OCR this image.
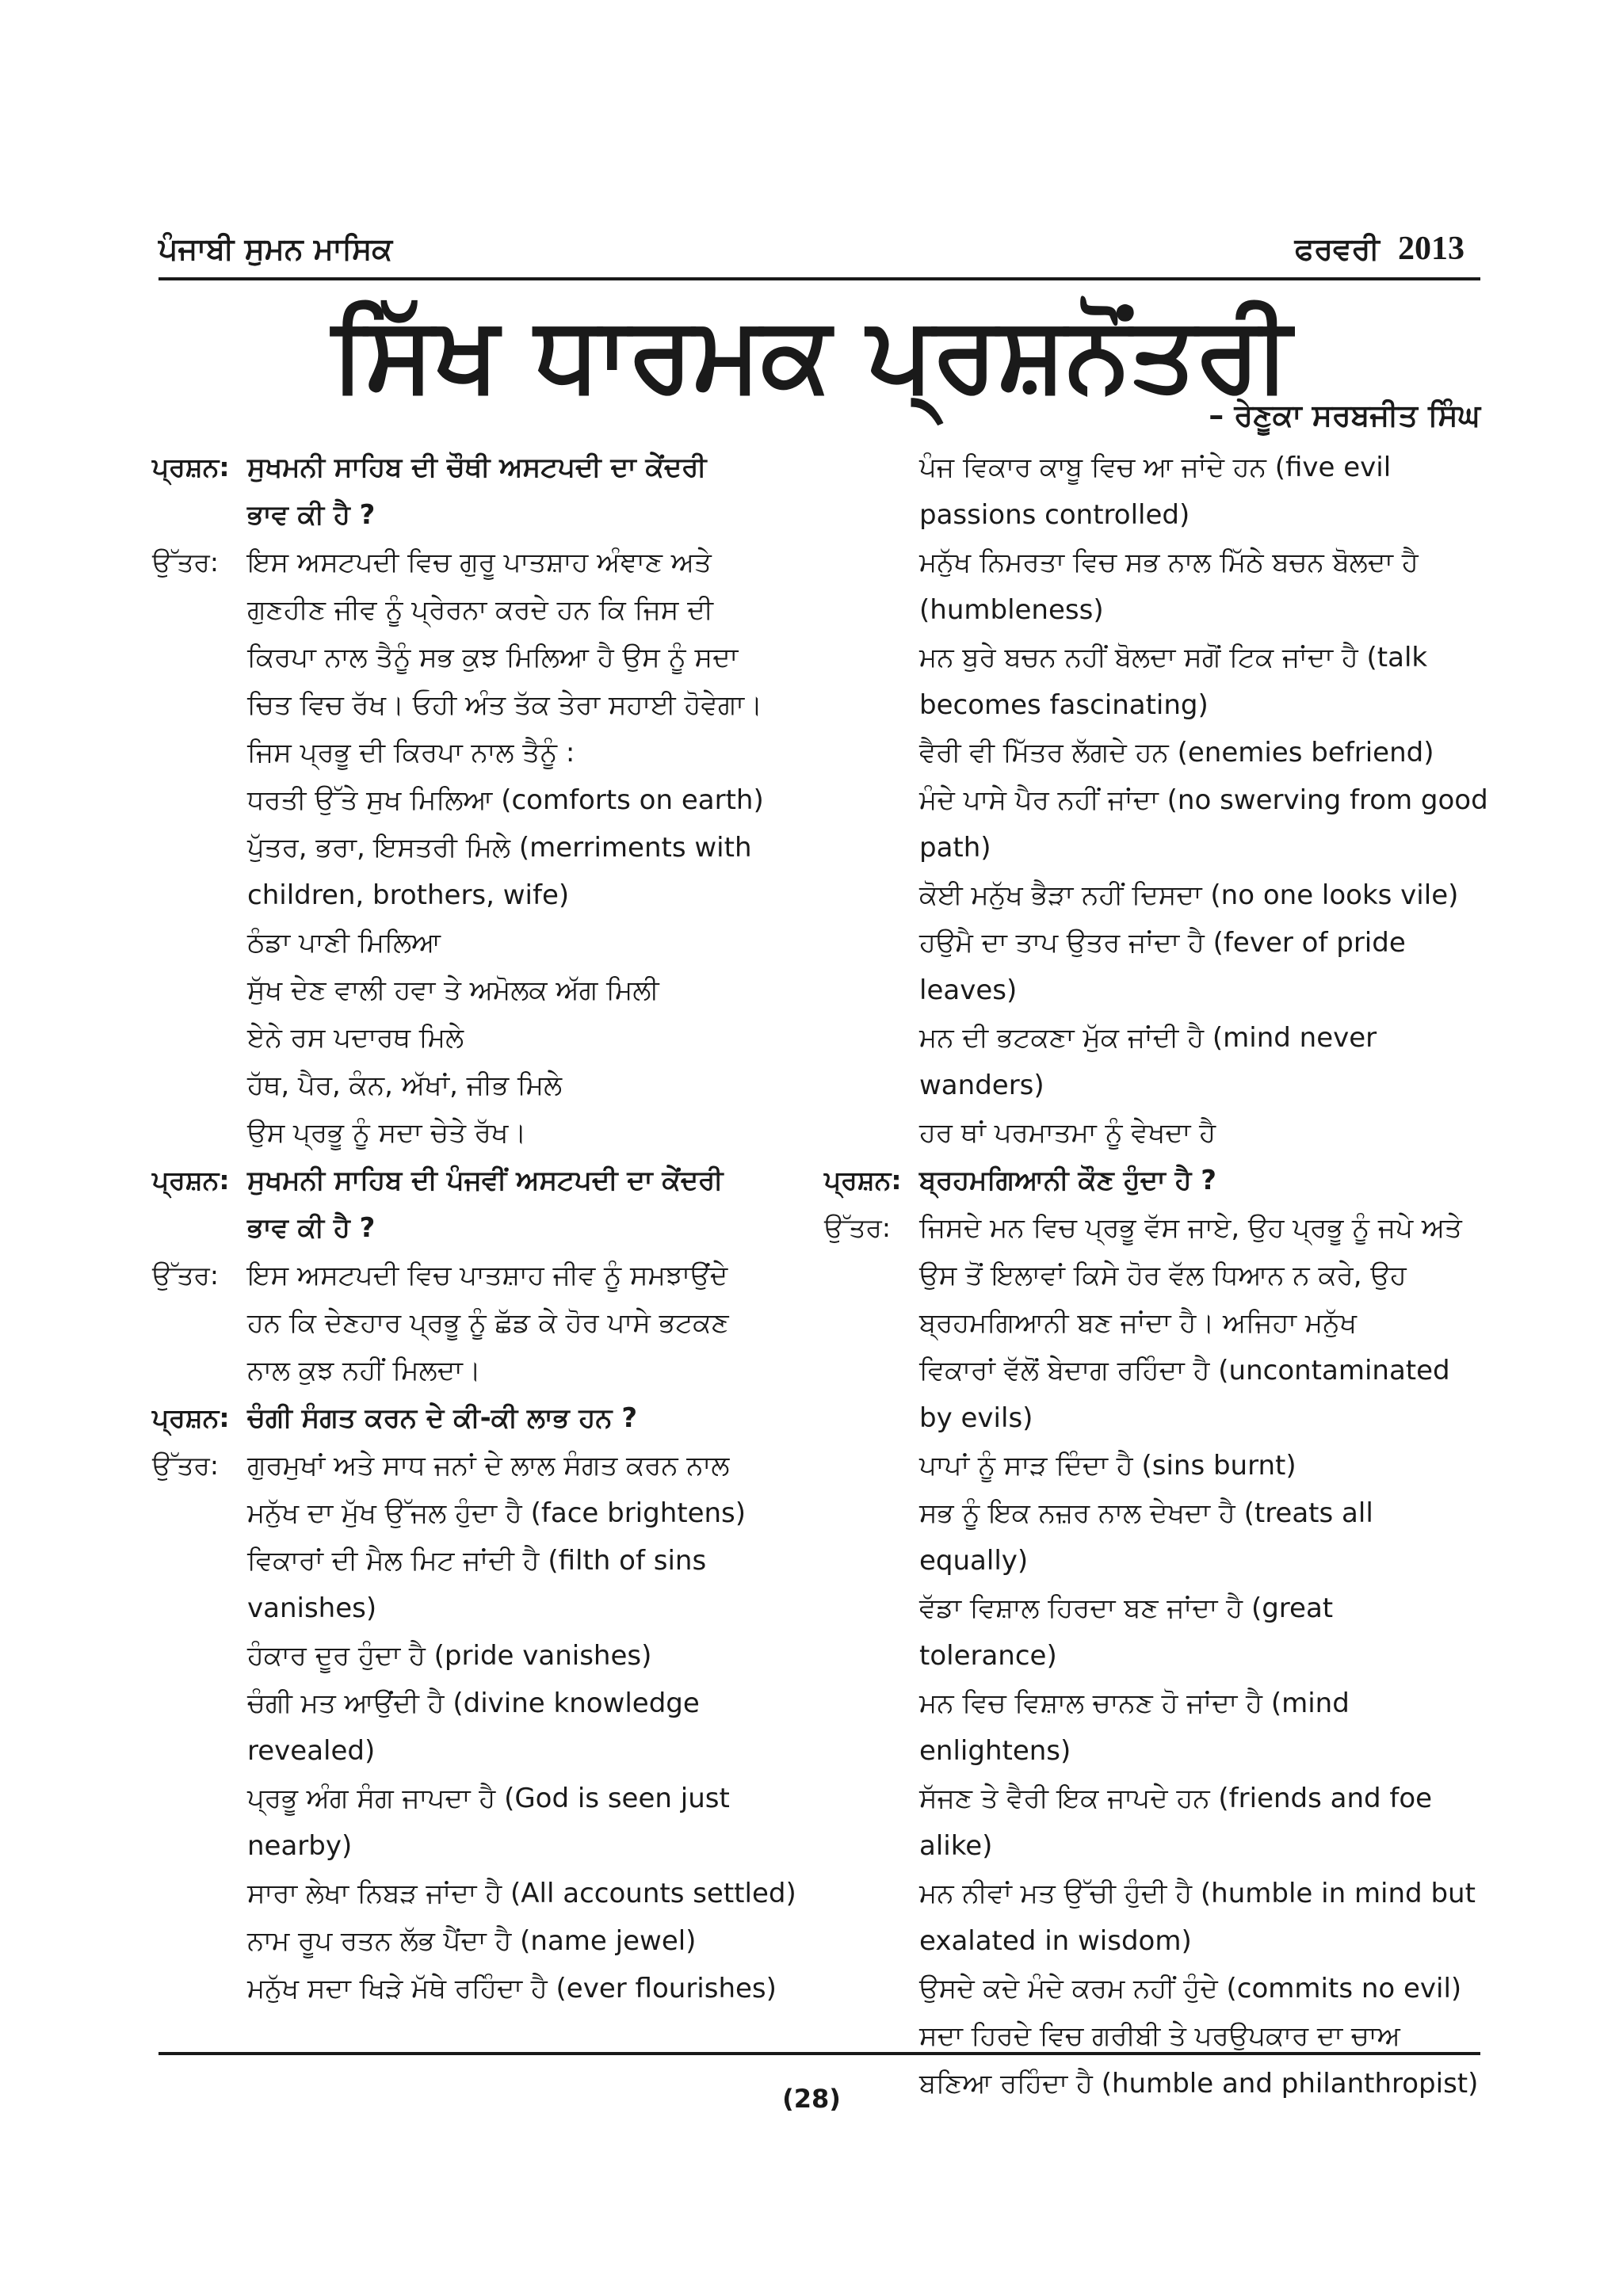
ਪੰਜਾਬੀ ਸੁਮਨ ਮਾਸਿਕ	ਫਰਵਰੀ 2013
ਸਿੱਖ ਧਾਰਮਕ ਪ੍ਰਸ਼ਨੋਂਤਰੀ
– ਰੇਣੂਕਾ ਸਰਬਜੀਤ ਸਿੰਘ
ਪ੍ਰਸ਼ਨ: ਸੁਖਮਨੀ ਸਾਹਿਬ ਦੀ ਚੌਥੀ ਅਸਟਪਦੀ ਦਾ ਕੇਂਦਰੀ
ਭਾਵ ਕੀ ਹੈ ?
ਉੱਤਰ:	ਇਸ ਅਸਟਪਦੀ ਵਿਚ ਗੁਰੂ ਪਾਤਸ਼ਾਹ ਅੰਞਾਣ ਅਤੇ
ਗੁਣਹੀਣ ਜੀਵ ਨੂੰ ਪ੍ਰੇਰਨਾ ਕਰਦੇ ਹਨ ਕਿ ਜਿਸ ਦੀ
ਕਿਰਪਾ ਨਾਲ ਤੈਨੂੰ ਸਭ ਕੁਝ ਮਿਲਿਆ ਹੈ ਉਸ ਨੂੰ ਸਦਾ
ਚਿਤ ਵਿਚ ਰੱਖ। ਓਹੀ ਅੰਤ ਤੱਕ ਤੇਰਾ ਸਹਾਈ ਹੋਵੇਗਾ।
ਜਿਸ ਪ੍ਰਭੂ ਦੀ ਕਿਰਪਾ ਨਾਲ ਤੈਨੂੰ :
ਧਰਤੀ ਉੱਤੇ ਸੁਖ ਮਿਲਿਆ (comforts on earth)
ਪੁੱਤਰ, ਭਰਾ, ਇਸਤਰੀ ਮਿਲੇ (merriments with
children, brothers, wife)
ਠੰਡਾ ਪਾਣੀ ਮਿਲਿਆ
ਸੁੱਖ ਦੇਣ ਵਾਲੀ ਹਵਾ ਤੇ ਅਮੋਲਕ ਅੱਗ ਮਿਲੀ
ਏਨੇ ਰਸ ਪਦਾਰਥ ਮਿਲੇ
ਹੱਥ, ਪੈਰ, ਕੰਨ, ਅੱਖਾਂ, ਜੀਭ ਮਿਲੇ
ਉਸ ਪ੍ਰਭੂ ਨੂੰ ਸਦਾ ਚੇਤੇ ਰੱਖ।
ਪ੍ਰਸ਼ਨ: ਸੁਖਮਨੀ ਸਾਹਿਬ ਦੀ ਪੰਜਵੀਂ ਅਸਟਪਦੀ ਦਾ ਕੇਂਦਰੀ
ਭਾਵ ਕੀ ਹੈ ?
ਉੱਤਰ:	ਇਸ ਅਸਟਪਦੀ ਵਿਚ ਪਾਤਸ਼ਾਹ ਜੀਵ ਨੂੰ ਸਮਝਾਉਂਦੇ
ਹਨ ਕਿ ਦੇਣਹਾਰ ਪ੍ਰਭੂ ਨੂੰ ਛੱਡ ਕੇ ਹੋਰ ਪਾਸੇ ਭਟਕਣ
ਨਾਲ ਕੁਝ ਨਹੀਂ ਮਿਲਦਾ।
ਪ੍ਰਸ਼ਨ: ਚੰਗੀ ਸੰਗਤ ਕਰਨ ਦੇ ਕੀ-ਕੀ ਲਾਭ ਹਨ ?
ਉੱਤਰ:	ਗੁਰਮੁਖਾਂ ਅਤੇ ਸਾਧ ਜਨਾਂ ਦੇ ਲਾਲ ਸੰਗਤ ਕਰਨ ਨਾਲ
ਮਨੁੱਖ ਦਾ ਮੁੱਖ ਉੱਜਲ ਹੁੰਦਾ ਹੈ (face brightens)
ਵਿਕਾਰਾਂ ਦੀ ਮੈਲ ਮਿਟ ਜਾਂਦੀ ਹੈ (filth of sins
vanishes)
ਹੰਕਾਰ ਦੂਰ ਹੁੰਦਾ ਹੈ (pride vanishes)
ਚੰਗੀ ਮਤ ਆਉਂਦੀ ਹੈ (divine knowledge
revealed)
ਪ੍ਰਭੂ ਅੰਗ ਸੰਗ ਜਾਪਦਾ ਹੈ (God is seen just
nearby)
ਸਾਰਾ ਲੇਖਾ ਨਿਬੜ ਜਾਂਦਾ ਹੈ (All accounts settled)
ਨਾਮ ਰੂਪ ਰਤਨ ਲੱਭ ਪੈਂਦਾ ਹੈ (name jewel)
ਮਨੁੱਖ ਸਦਾ ਖਿੜੇ ਮੱਥੇ ਰਹਿੰਦਾ ਹੈ (ever flourishes)
ਪੰਜ ਵਿਕਾਰ ਕਾਬੂ ਵਿਚ ਆ ਜਾਂਦੇ ਹਨ (five evil
passions controlled)
ਮਨੁੱਖ ਨਿਮਰਤਾ ਵਿਚ ਸਭ ਨਾਲ ਮਿੱਠੇ ਬਚਨ ਬੋਲਦਾ ਹੈ
(humbleness)
ਮਨ ਬੁਰੇ ਬਚਨ ਨਹੀਂ ਬੋਲਦਾ ਸਗੋਂ ਟਿਕ ਜਾਂਦਾ ਹੈ (talk
becomes fascinating)
ਵੈਰੀ ਵੀ ਮਿੱਤਰ ਲੱਗਦੇ ਹਨ (enemies befriend)
ਮੰਦੇ ਪਾਸੇ ਪੈਰ ਨਹੀਂ ਜਾਂਦਾ (no swerving from good
path)
ਕੋਈ ਮਨੁੱਖ ਭੈੜਾ ਨਹੀਂ ਦਿਸਦਾ (no one looks vile)
ਹਉਮੈ ਦਾ ਤਾਪ ਉਤਰ ਜਾਂਦਾ ਹੈ (fever of pride
leaves)
ਮਨ ਦੀ ਭਟਕਣਾ ਮੁੱਕ ਜਾਂਦੀ ਹੈ (mind never
wanders)
ਹਰ ਥਾਂ ਪਰਮਾਤਮਾ ਨੂੰ ਵੇਖਦਾ ਹੈ
ਪ੍ਰਸ਼ਨ: ਬ੍ਰਹਮਗਿਆਨੀ ਕੌਣ ਹੁੰਦਾ ਹੈ ?
ਉੱਤਰ:	ਜਿਸਦੇ ਮਨ ਵਿਚ ਪ੍ਰਭੂ ਵੱਸ ਜਾਏ, ਉਹ ਪ੍ਰਭੂ ਨੂੰ ਜਪੇ ਅਤੇ
ਉਸ ਤੋਂ ਇਲਾਵਾਂ ਕਿਸੇ ਹੋਰ ਵੱਲ ਧਿਆਨ ਨ ਕਰੇ, ਉਹ
ਬ੍ਰਹਮਗਿਆਨੀ ਬਣ ਜਾਂਦਾ ਹੈ। ਅਜਿਹਾ ਮਨੁੱਖ
ਵਿਕਾਰਾਂ ਵੱਲੋਂ ਬੇਦਾਗ ਰਹਿੰਦਾ ਹੈ (uncontaminated
by evils)
ਪਾਪਾਂ ਨੂੰ ਸਾੜ ਦਿੰਦਾ ਹੈ (sins burnt)
ਸਭ ਨੂੰ ਇਕ ਨਜ਼ਰ ਨਾਲ ਦੇਖਦਾ ਹੈ (treats all
equally)
ਵੱਡਾ ਵਿਸ਼ਾਲ ਹਿਰਦਾ ਬਣ ਜਾਂਦਾ ਹੈ (great
tolerance)
ਮਨ ਵਿਚ ਵਿਸ਼ਾਲ ਚਾਨਣ ਹੋ ਜਾਂਦਾ ਹੈ (mind
enlightens)
ਸੱਜਣ ਤੇ ਵੈਰੀ ਇਕ ਜਾਪਦੇ ਹਨ (friends and foe
alike)
ਮਨ ਨੀਵਾਂ ਮਤ ਉੱਚੀ ਹੁੰਦੀ ਹੈ (humble in mind but
exalated in wisdom)
ਉਸਦੇ ਕਦੇ ਮੰਦੇ ਕਰਮ ਨਹੀਂ ਹੁੰਦੇ (commits no evil)
ਸਦਾ ਹਿਰਦੇ ਵਿਚ ਗਰੀਬੀ ਤੇ ਪਰਉਪਕਾਰ ਦਾ ਚਾਅ
ਬਣਿਆ ਰਹਿੰਦਾ ਹੈ (humble and philanthropist)
(28)
